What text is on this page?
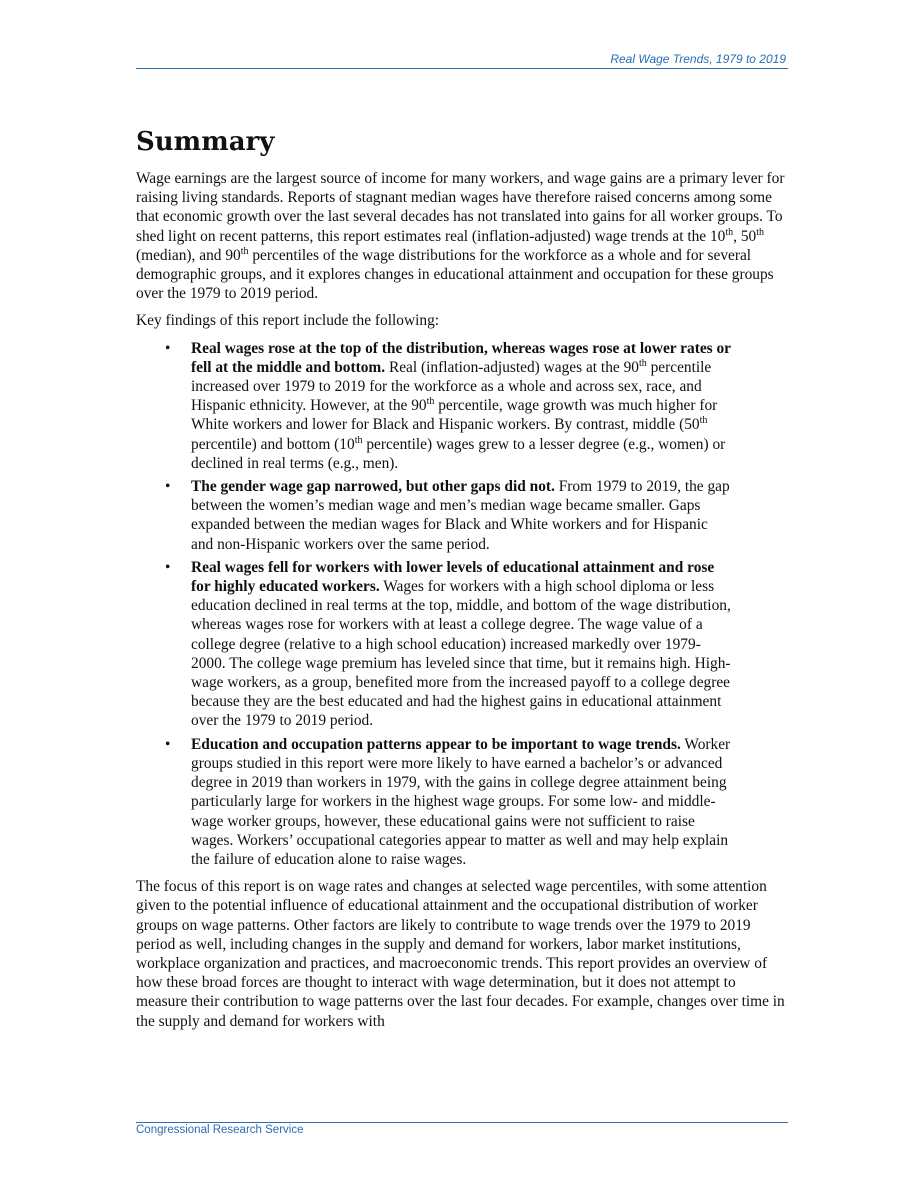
Real Wage Trends, 1979 to 2019
Summary

Wage earnings are the largest source of income for many workers, and wage gains are a primary lever for raising living standards. Reports of stagnant median wages have therefore raised concerns among some that economic growth over the last several decades has not translated into gains for all worker groups. To shed light on recent patterns, this report estimates real (inflation-adjusted) wage trends at the 10th, 50th (median), and 90th percentiles of the wage distributions for the workforce as a whole and for several demographic groups, and it explores changes in educational attainment and occupation for these groups over the 1979 to 2019 period.

Key findings of this report include the following:

• Real wages rose at the top of the distribution, whereas wages rose at lower rates or fell at the middle and bottom. Real (inflation-adjusted) wages at the 90th percentile increased over 1979 to 2019 for the workforce as a whole and across sex, race, and Hispanic ethnicity. However, at the 90th percentile, wage growth was much higher for White workers and lower for Black and Hispanic workers. By contrast, middle (50th percentile) and bottom (10th percentile) wages grew to a lesser degree (e.g., women) or declined in real terms (e.g., men).
• The gender wage gap narrowed, but other gaps did not. From 1979 to 2019, the gap between the women’s median wage and men’s median wage became smaller. Gaps expanded between the median wages for Black and White workers and for Hispanic and non-Hispanic workers over the same period.
• Real wages fell for workers with lower levels of educational attainment and rose for highly educated workers. Wages for workers with a high school diploma or less education declined in real terms at the top, middle, and bottom of the wage distribution, whereas wages rose for workers with at least a college degree. The wage value of a college degree (relative to a high school education) increased markedly over 1979-2000. The college wage premium has leveled since that time, but it remains high. High-wage workers, as a group, benefited more from the increased payoff to a college degree because they are the best educated and had the highest gains in educational attainment over the 1979 to 2019 period.
• Education and occupation patterns appear to be important to wage trends. Worker groups studied in this report were more likely to have earned a bachelor’s or advanced degree in 2019 than workers in 1979, with the gains in college degree attainment being particularly large for workers in the highest wage groups. For some low- and middle-wage worker groups, however, these educational gains were not sufficient to raise wages. Workers’ occupational categories appear to matter as well and may help explain the failure of education alone to raise wages.

The focus of this report is on wage rates and changes at selected wage percentiles, with some attention given to the potential influence of educational attainment and the occupational distribution of worker groups on wage patterns. Other factors are likely to contribute to wage trends over the 1979 to 2019 period as well, including changes in the supply and demand for workers, labor market institutions, workplace organization and practices, and macroeconomic trends. This report provides an overview of how these broad forces are thought to interact with wage determination, but it does not attempt to measure their contribution to wage patterns over the last four decades. For example, changes over time in the supply and demand for workers with

Congressional Research Service
